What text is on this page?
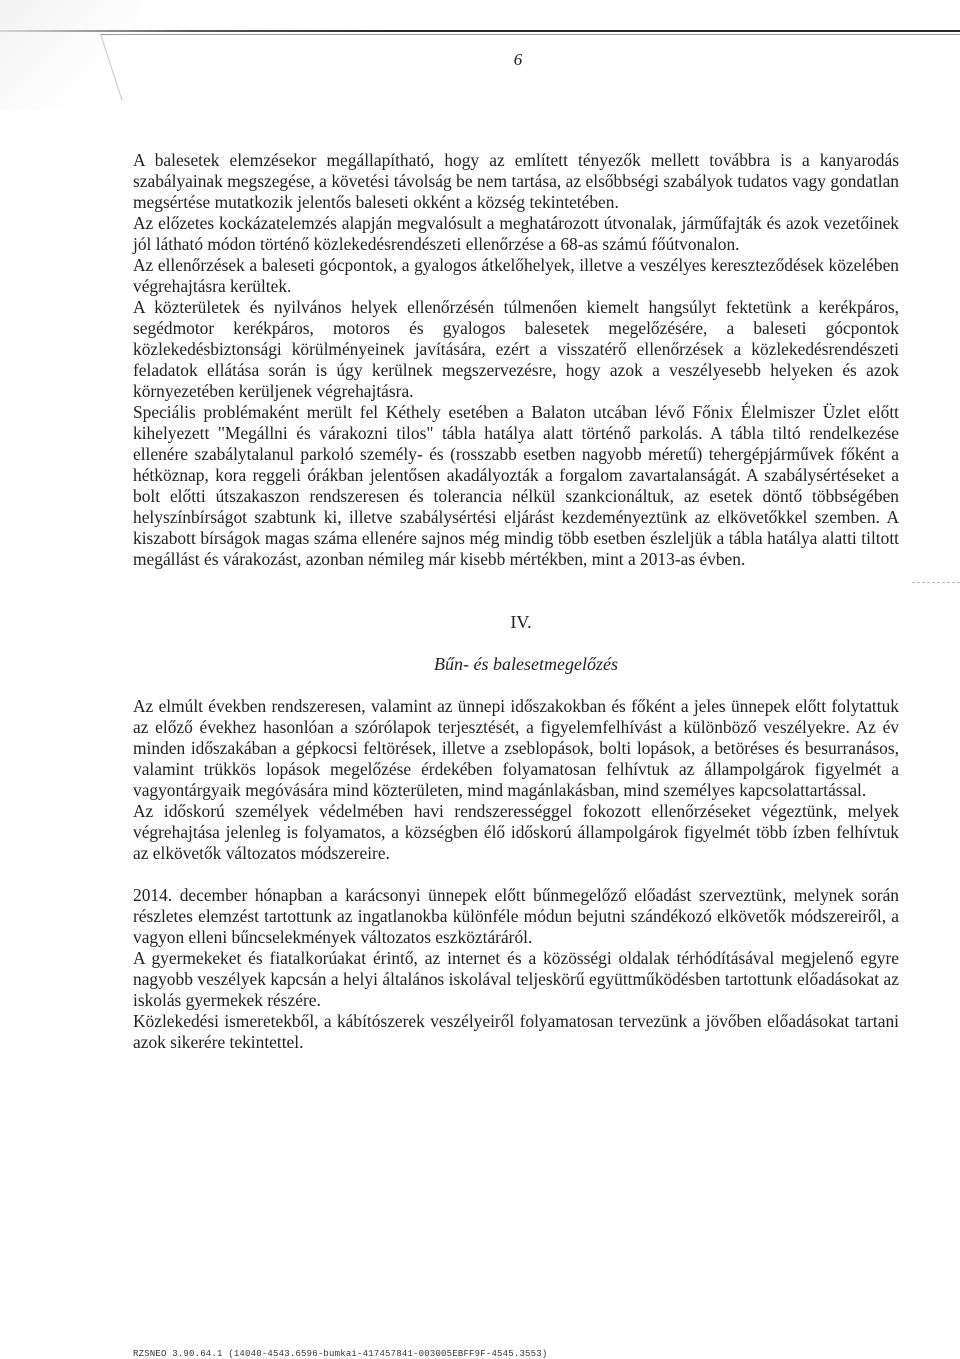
6

A balesetek elemzésekor megállapítható, hogy az említett tényezők mellett továbbra is a kanyarodás szabályainak megszegése, a követési távolság be nem tartása, az elsőbbségi szabályok tudatos vagy gondatlan megsértése mutatkozik jelentős baleseti okként a község tekintetében.

Az előzetes kockázatelemzés alapján megvalósult a meghatározott útvonalak, járműfajták és azok vezetőinek jól látható módon történő közlekedésrendészeti ellenőrzése a 68-as számú főútvonalon.

Az ellenőrzések a baleseti gócpontok, a gyalogos átkelőhelyek, illetve a veszélyes kereszteződések közelében végrehajtásra kerültek.

A közterületek és nyilvános helyek ellenőrzésén túlmenően kiemelt hangsúlyt fektetünk a kerékpáros, segédmotor kerékpáros, motoros és gyalogos balesetek megelőzésére, a baleseti gócpontok közlekedésbiztonsági körülményeinek javítására, ezért a visszatérő ellenőrzések a közlekedésrendészeti feladatok ellátása során is úgy kerülnek megszervezésre, hogy azok a veszélyesebb helyeken és azok környezetében kerüljenek végrehajtásra.

Speciális problémaként merült fel Kéthely esetében a Balaton utcában lévő Főnix Élelmiszer Üzlet előtt kihelyezett "Megállni és várakozni tilos" tábla hatálya alatt történő parkolás. A tábla tiltó rendelkezése ellenére szabálytalanul parkoló személy- és (rosszabb esetben nagyobb méretű) tehergépjárművek főként a hétköznap, kora reggeli órákban jelentősen akadályozták a forgalom zavartalanságát. A szabálysértéseket a bolt előtti útszakaszon rendszeresen és tolerancia nélkül szankcionáltuk, az esetek döntő többségében helyszínbírságot szabtunk ki, illetve szabálysértési eljárást kezdeményeztünk az elkövetőkkel szemben. A kiszabott bírságok magas száma ellenére sajnos még mindig több esetben észleljük a tábla hatálya alatti tiltott megállást és várakozást, azonban némileg már kisebb mértékben, mint a 2013-as évben.

IV.

Bűn- és balesetmegelőzés

Az elmúlt években rendszeresen, valamint az ünnepi időszakokban és főként a jeles ünnepek előtt folytattuk az előző évekhez hasonlóan a szórólapok terjesztését, a figyelemfelhívást a különböző veszélyekre. Az év minden időszakában a gépkocsi feltörések, illetve a zseblopások, bolti lopások, a betöréses és besurranásos, valamint trükkös lopások megelőzése érdekében folyamatosan felhívtuk az állampolgárok figyelmét a vagyontárgyaik megóvására mind közterületen, mind magánlakásban, mind személyes kapcsolattartással.

Az időskorú személyek védelmében havi rendszerességgel fokozott ellenőrzéseket végeztünk, melyek végrehajtása jelenleg is folyamatos, a községben élő időskorú állampolgárok figyelmét több ízben felhívtuk az elkövetők változatos módszereire.

2014. december hónapban a karácsonyi ünnepek előtt bűnmegelőző előadást szerveztünk, melynek során részletes elemzést tartottunk az ingatlanokba különféle módun bejutni szándékozó elkövetők módszereiről, a vagyon elleni bűncselekmények változatos eszköztáráról.

A gyermekeket és fiatalkorúakat érintő, az internet és a közösségi oldalak térhódításával megjelenő egyre nagyobb veszélyek kapcsán a helyi általános iskolával teljeskörű együttműködésben tartottunk előadásokat az iskolás gyermekek részére.

Közlekedési ismeretekből, a kábítószerek veszélyeiről folyamatosan tervezünk a jövőben előadásokat tartani azok sikerére tekintettel.

RZSNEO 3.90.64.1 (14040-4543.6596-bumkai-417457841-003005EBFF9F-4545.3553)
